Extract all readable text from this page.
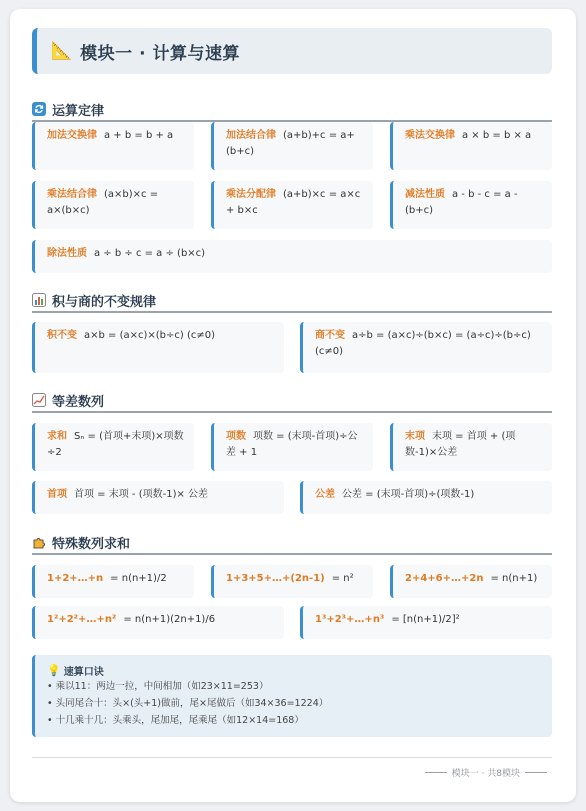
📐 模块一 · 计算与速算
运算定律
加法交换律 a + b = b + a	加法结合律 (a+b)+c = a+(b+c)
乘法交换律 a × b = b × a
乘法结合律 (a×b)×c = a×(b×c)
乘法分配律 (a+b)×c = a×c + b×c
减法性质 a - b - c = a - (b+c)
除法性质 a ÷ b ÷ c = a ÷ (b×c)
积与商的不变规律
积不变 a×b = (a×c)×(b÷c) (c≠0)	商不变 a÷b = (a×c)÷(b×c) = (a÷c)÷(b÷c) (c≠0)
等差数列
求和 Sₙ = (首项+末项)×项数÷2
项数 项数 = (末项-首项)÷公差 + 1
末项 末项 = 首项 + (项数-1)×公差
首项 首项 = 末项 - (项数-1)× 公差	公差 公差 = (末项-首项)÷(项数-1)
特殊数列求和
1+2+…+n = n(n+1)/2	1+3+5+…+(2n-1) = n²	2+4+6+…+2n = n(n+1)
1²+2²+…+n² = n(n+1)(2n+1)/6	1³+2³+…+n³ = [n(n+1)/2]²
💡 速算口诀
• 乘以11：两边一拉，中间相加（如23×11=253）
• 头同尾合十：头×(头+1)做前，尾×尾做后（如34×36=1224）
• 十几乘十几：头乘头，尾加尾，尾乘尾（如12×14=168）
模块一 · 共8模块
